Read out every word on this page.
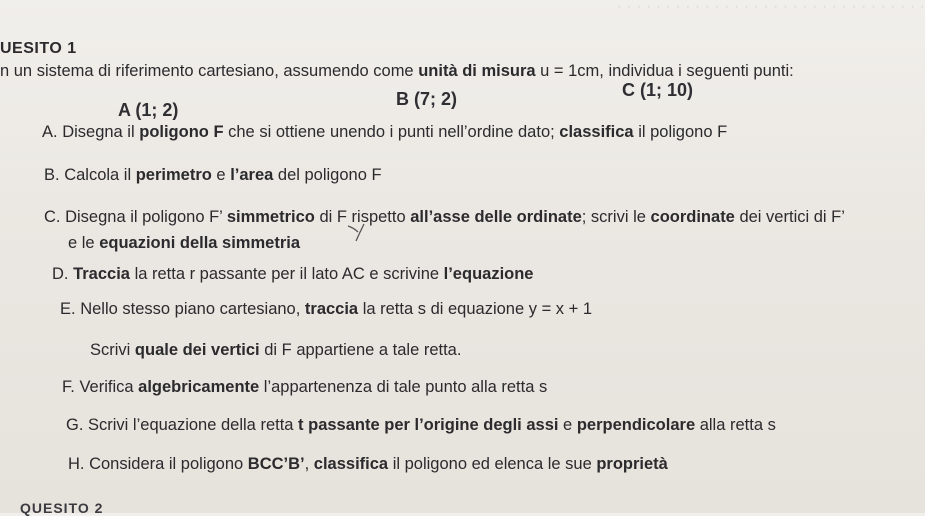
· · · · · · · · · · · · · · · · · · · · · · · · · · · · · · · ·
UESITO 1
n un sistema di riferimento cartesiano, assumendo come unità di misura u = 1cm, individua i seguenti punti:
A (1; 2)
B (7; 2)	C (1; 10)
A. Disegna il poligono F che si ottiene unendo i punti nell’ordine dato; classifica il poligono F
B. Calcola il perimetro e l’area del poligono F
C. Disegna il poligono F’ simmetrico di F rispetto all’asse delle ordinate; scrivi le coordinate dei vertici di F’
e le equazioni della simmetria
D. Traccia la retta r passante per il lato AC e scrivine l’equazione
E. Nello stesso piano cartesiano, traccia la retta s di equazione y = x + 1
Scrivi quale dei vertici di F appartiene a tale retta.
F. Verifica algebricamente l’appartenenza di tale punto alla retta s
G. Scrivi l’equazione della retta t passante per l’origine degli assi e perpendicolare alla retta s
H. Considera il poligono BCC’B’, classifica il poligono ed elenca le sue proprietà
QUESITO 2
